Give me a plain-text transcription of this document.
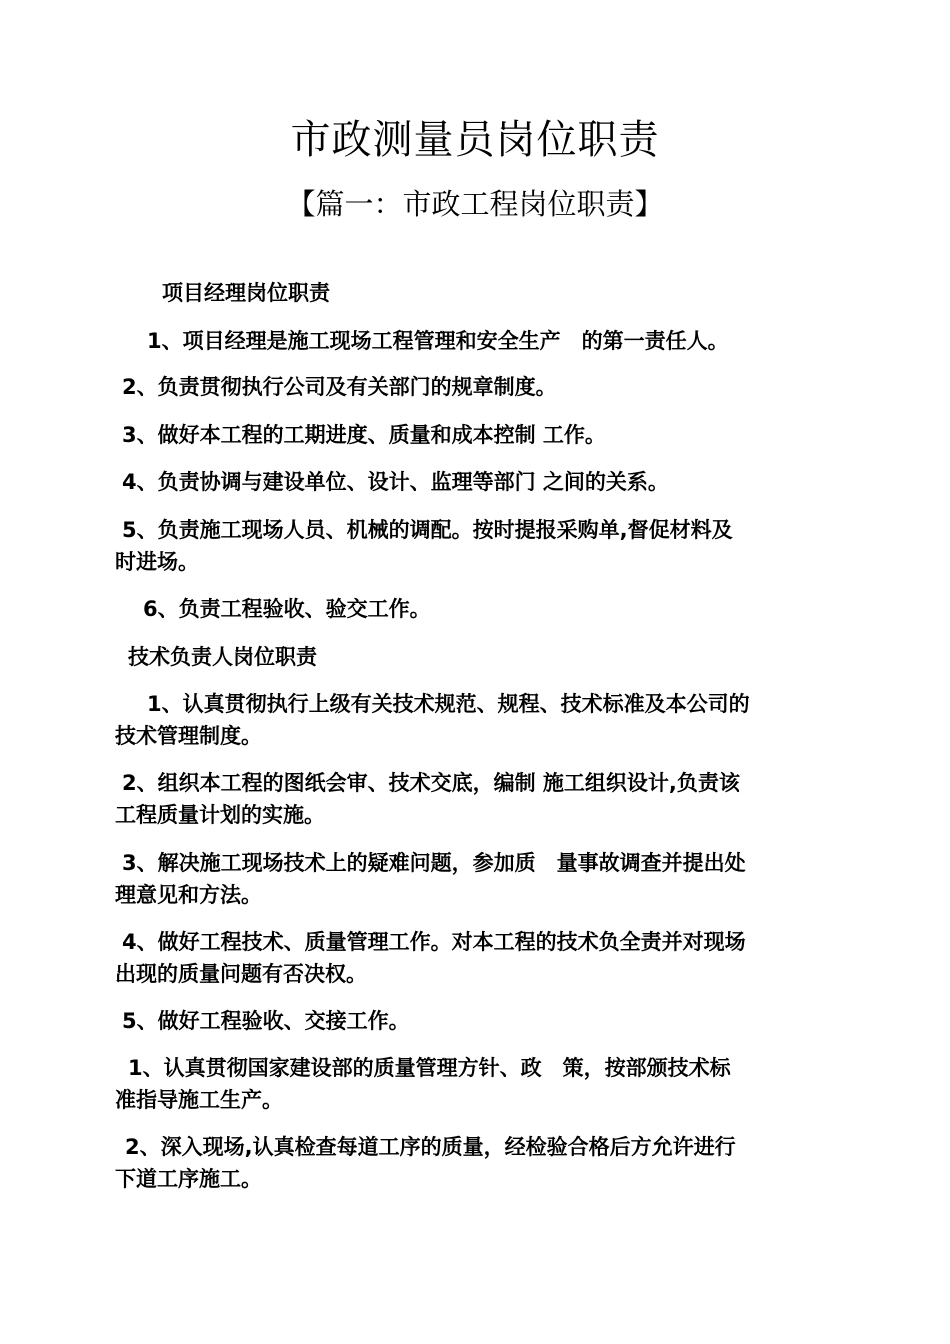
市政测量员岗位职责
【篇一：市政工程岗位职责】

项目经理岗位职责

1、项目经理是施工现场工程管理和安全生产　的第一责任人。

2、负责贯彻执行公司及有关部门的规章制度。

3、做好本工程的工期进度、质量和成本控制 工作。

4、负责协调与建设单位、设计、监理等部门 之间的关系。

5、负责施工现场人员、机械的调配。按时提报采购单,督促材料及

时进场。

6、负责工程验收、验交工作。

技术负责人岗位职责

1、认真贯彻执行上级有关技术规范、规程、技术标准及本公司的

技术管理制度。

2、组织本工程的图纸会审、技术交底，编制 施工组织设计,负责该

工程质量计划的实施。

3、解决施工现场技术上的疑难问题，参加质　量事故调查并提出处

理意见和方法。

4、做好工程技术、质量管理工作。对本工程的技术负全责并对现场

出现的质量问题有否决权。

5、做好工程验收、交接工作。

1、认真贯彻国家建设部的质量管理方针、政　策，按部颁技术标

准指导施工生产。

2、深入现场,认真检查每道工序的质量，经检验合格后方允许进行

下道工序施工。
